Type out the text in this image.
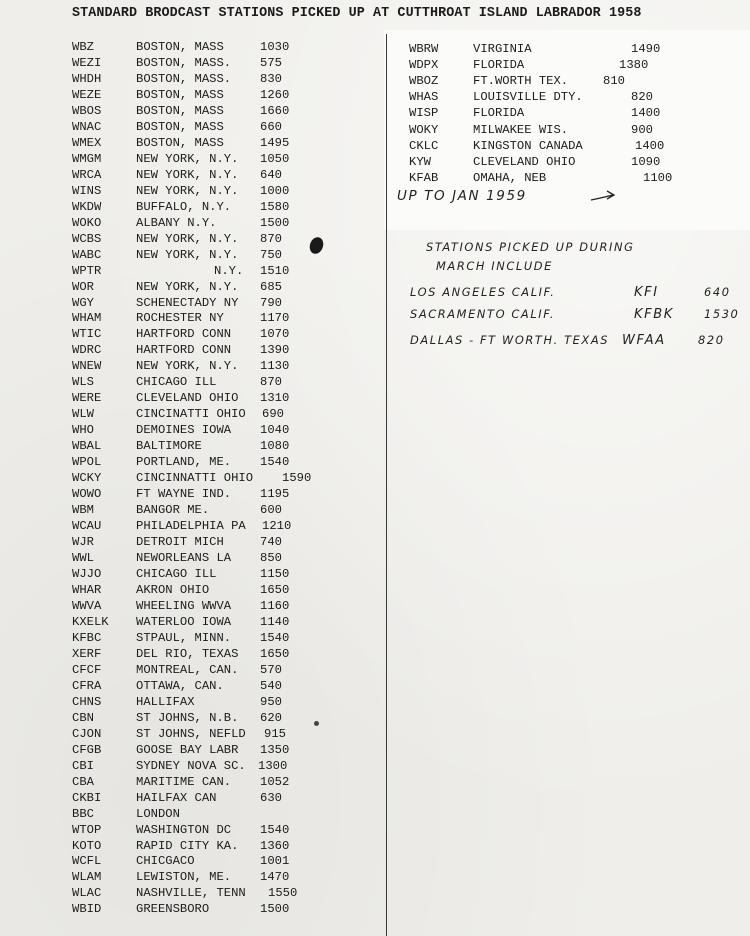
STANDARD BRODCAST STATIONS PICKED UP AT CUTTHROAT ISLAND LABRADOR 1958
WBZ	BOSTON, MASS	1030
WEZI	BOSTON, MASS. 575
WHDH	BOSTON, MASS. 830
WEZE	BOSTON, MASS	1260
WBOS	BOSTON, MASS	1660
WNAC	BOSTON, MASS	660
WMEX	BOSTON, MASS	1495
WMGM	NEW YORK, N.Y. 1050
WRCA	NEW YORK, N.Y. 640
WINS	NEW YORK, N.Y. 1000
WKDW	BUFFALO, N.Y. 1580
WOKO	ALBANY N.Y.	1500
WCBS	NEW YORK, N.Y. 870
WABC	NEW YORK, N.Y. 750
WPTR	N.Y. 1510
WOR	NEW YORK, N.Y. 685
WGY	SCHENECTADY NY 790
WHAM	ROCHESTER NY	1170
WTIC	HARTFORD CONN 1070
WDRC	HARTFORD CONN 1390
WNEW	NEW YORK, N.Y. 1130
WLS	CHICAGO ILL	870
WERE	CLEVELAND OHIO 1310
WLW	CINCINATTI OHIO 690
WHO	DEMOINES IOWA 1040
WBAL	BALTIMORE	1080
WPOL	PORTLAND, ME. 1540
WCKY	CINCINNATTI OHIO 1590
WOWO	FT WAYNE IND. 1195
WBM	BANGOR ME.	600
WCAU	PHILADELPHIA PA 1210
WJR	DETROIT MICH	740
WWL	NEWORLEANS LA 850
WJJO	CHICAGO ILL	1150
WHAR	AKRON OHIO	1650
WWVA	WHEELING WWVA 1160
KXELK WATERLOO IOWA 1140
KFBC	STPAUL, MINN. 1540
XERF	DEL RIO, TEXAS 1650
CFCF	MONTREAL, CAN. 570
CFRA	OTTAWA, CAN.	540
CHNS	HALLIFAX	950
CBN	ST JOHNS, N.B. 620
CJON	ST JOHNS, NEFLD 915
CFGB	GOOSE BAY LABR 1350
CBI	SYDNEY NOVA SC. 1300
CBA	MARITIME CAN. 1052
CKBI	HAILFAX CAN	630
BBC	LONDON
WTOP	WASHINGTON DC 1540
KOTO	RAPID CITY KA. 1360
WCFL	CHICGACO	1001
WLAM	LEWISTON, ME. 1470
WLAC	NASHVILLE, TENN 1550
WBID	GREENSBORO	1500
WBRW	VIRGINIA	1490
WDPX	FLORIDA	1380
WBOZ	FT.WORTH TEX.	810
WHAS	LOUISVILLE DTY.	820
WISP	FLORIDA	1400
WOKY	MILWAKEE WIS.	900
CKLC	KINGSTON CANADA	1400
KYW	CLEVELAND OHIO	1090
KFAB	OMAHA, NEB	1100
UP TO JAN 1959
STATIONS PICKED UP DURING
MARCH INCLUDE
LOS ANGELES CALIF.	KFI	640
SACRAMENTO CALIF.	KFBK	1530
DALLAS - FT WORTH. TEXAS WFAA	820
